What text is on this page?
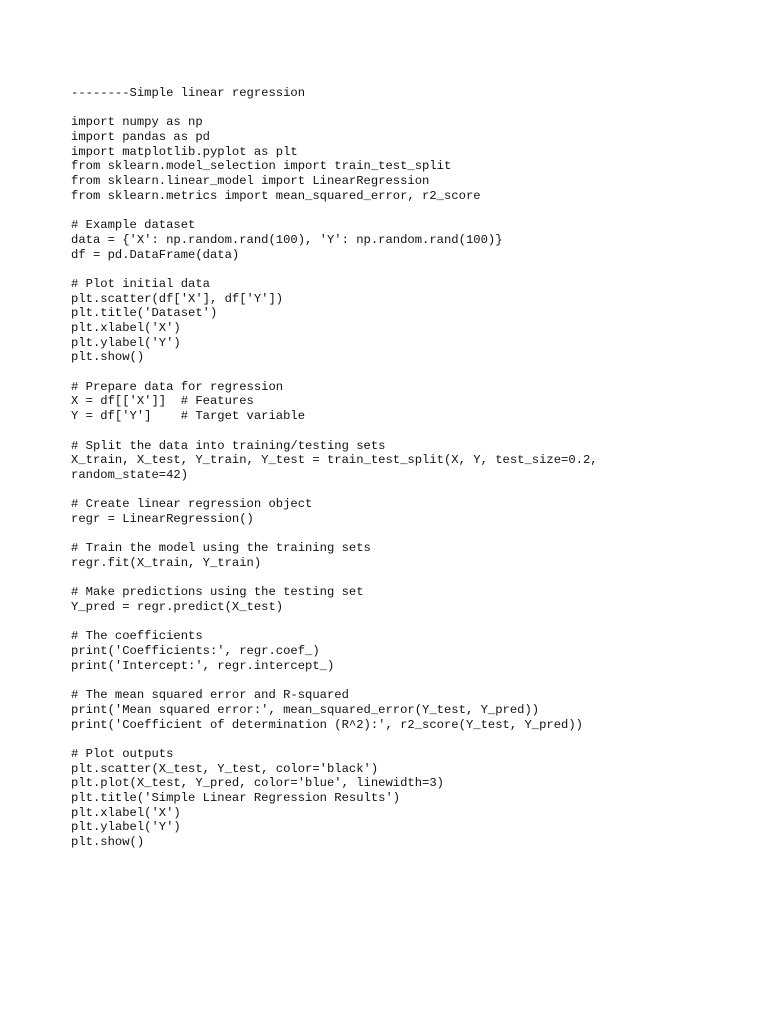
--------Simple linear regression
import numpy as np
import pandas as pd
import matplotlib.pyplot as plt
from sklearn.model_selection import train_test_split
from sklearn.linear_model import LinearRegression
from sklearn.metrics import mean_squared_error, r2_score
# Example dataset
data = {'X': np.random.rand(100), 'Y': np.random.rand(100)}
df = pd.DataFrame(data)
# Plot initial data
plt.scatter(df['X'], df['Y'])
plt.title('Dataset')
plt.xlabel('X')
plt.ylabel('Y')
plt.show()
# Prepare data for regression
X = df[['X']]  # Features
Y = df['Y']    # Target variable
# Split the data into training/testing sets
X_train, X_test, Y_train, Y_test = train_test_split(X, Y, test_size=0.2,
random_state=42)
# Create linear regression object
regr = LinearRegression()
# Train the model using the training sets
regr.fit(X_train, Y_train)
# Make predictions using the testing set
Y_pred = regr.predict(X_test)
# The coefficients
print('Coefficients:', regr.coef_)
print('Intercept:', regr.intercept_)
# The mean squared error and R-squared
print('Mean squared error:', mean_squared_error(Y_test, Y_pred))
print('Coefficient of determination (R^2):', r2_score(Y_test, Y_pred))
# Plot outputs
plt.scatter(X_test, Y_test, color='black')
plt.plot(X_test, Y_pred, color='blue', linewidth=3)
plt.title('Simple Linear Regression Results')
plt.xlabel('X')
plt.ylabel('Y')
plt.show()
